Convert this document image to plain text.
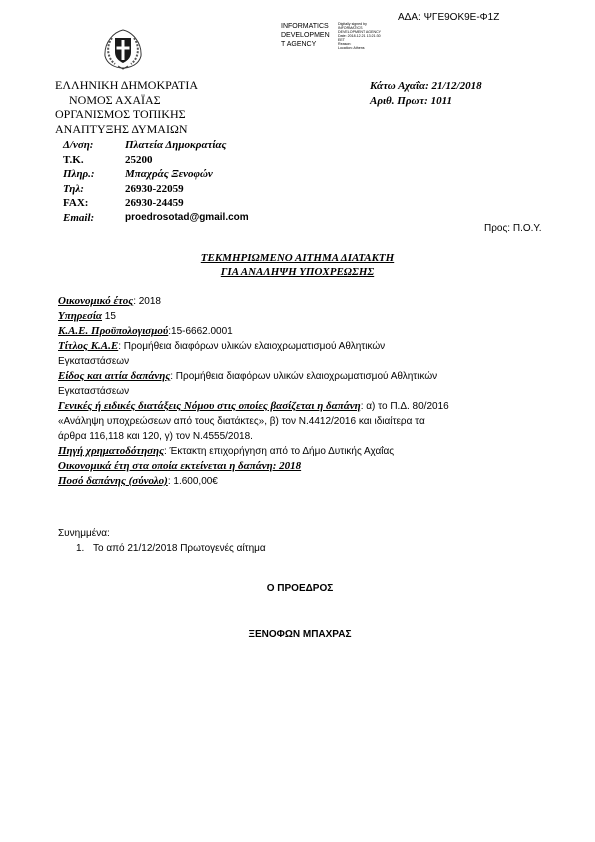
ΑΔΑ: ΨΓΕ9ΟΚ9Ε-Φ1Ζ
INFORMATICS
DEVELOPMEN
T AGENCY
Digitally signed by
INFORMATICS
DEVELOPMENT AGENCY
Date: 2018.12.21 13:21:30
EET
Reason:
Location: Athens
ΕΛΛΗΝΙΚΗ ΔΗΜΟΚΡΑΤΙΑ
ΝΟΜΟΣ ΑΧΑΪΑΣ
ΟΡΓΑΝΙΣΜΟΣ ΤΟΠΙΚΗΣ
ΑΝΑΠΤΥΞΗΣ ΔΥΜΑΙΩΝ
Κάτω Αχαΐα: 21/12/2018
Αριθ. Πρωτ: 1011
Δ/νση:	Πλατεία Δημοκρατίας
Τ.Κ.	25200
Πληρ.:	Μπαχράς Ξενοφών
Τηλ:	26930-22059
FAX:	26930-24459
Email:	proedrosotad@gmail.com
Προς: Π.Ο.Υ.
ΤΕΚΜΗΡΙΩΜΕΝΟ ΑΙΤΗΜΑ ΔΙΑΤΑΚΤΗ
ΓΙΑ ΑΝΑΛΗΨΗ ΥΠΟΧΡΕΩΣΗΣ
Οικονομικό έτος: 2018
Υπηρεσία 15
Κ.Α.Ε. Προϋπολογισμού:15-6662.0001
Τίτλος Κ.Α.Ε: Προμήθεια διαφόρων υλικών ελαιοχρωματισμού Αθλητικών
Εγκαταστάσεων
Είδος και αιτία δαπάνης: Προμήθεια διαφόρων υλικών ελαιοχρωματισμού Αθλητικών
Εγκαταστάσεων
Γενικές ή ειδικές διατάξεις Νόμου στις οποίες βασίζεται η δαπάνη: α) το Π.Δ. 80/2016
«Ανάληψη υποχρεώσεων από τους διατάκτες», β) τον Ν.4412/2016 και ιδιαίτερα τα
άρθρα 116,118 και 120, γ) τον Ν.4555/2018.
Πηγή χρηματοδότησης: Έκτακτη επιχορήγηση από το Δήμο Δυτικής Αχαΐας
Οικονομικά έτη στα οποία εκτείνεται η δαπάνη: 2018
Ποσό δαπάνης (σύνολο): 1.600,00€
Συνημμένα:
1. Το από 21/12/2018 Πρωτογενές αίτημα
Ο ΠΡΟΕΔΡΟΣ
ΞΕΝΟΦΩΝ ΜΠΑΧΡΑΣ
